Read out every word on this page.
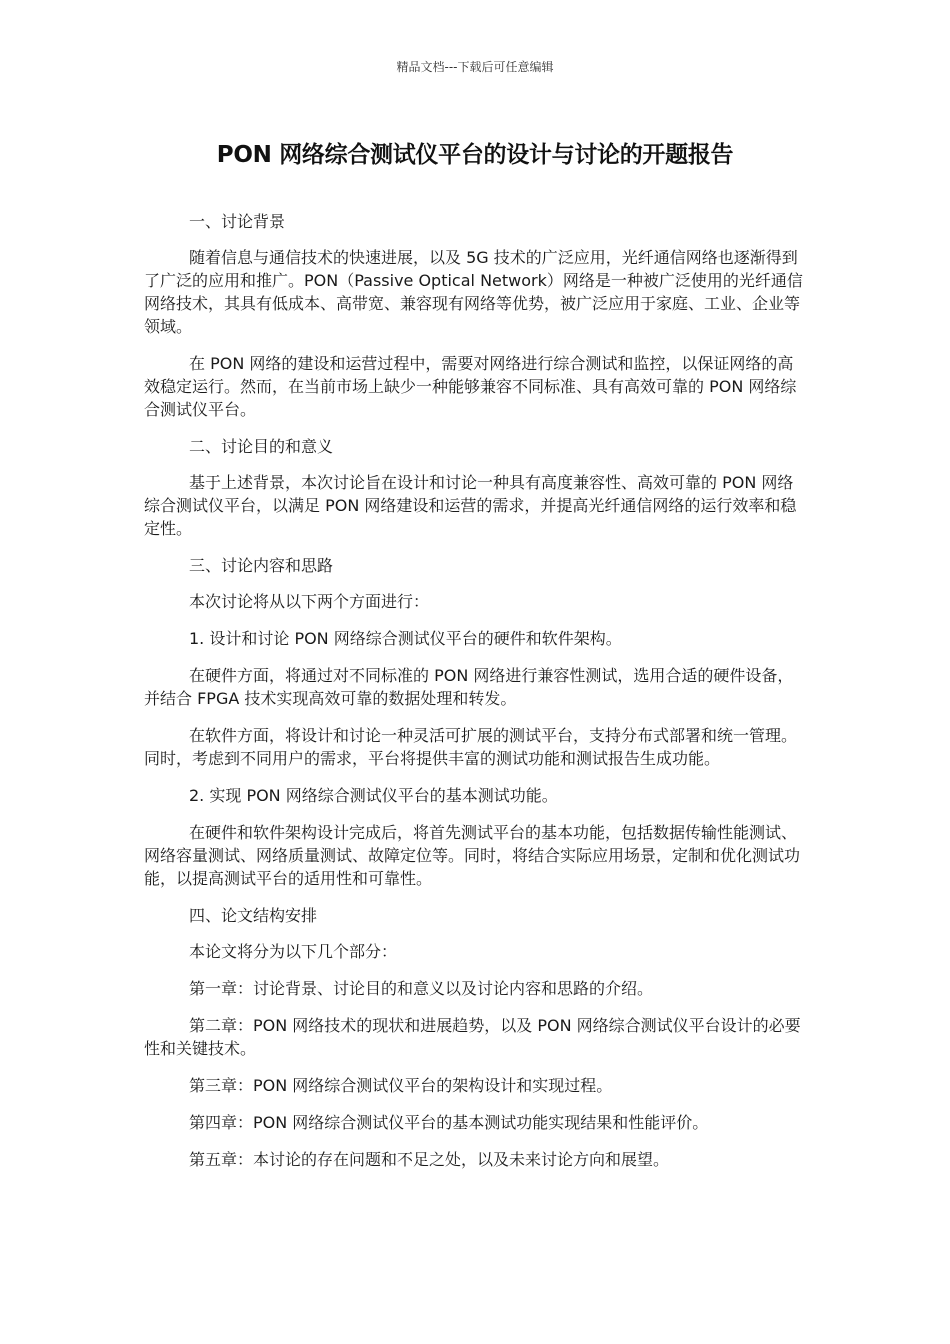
精品文档---下载后可任意编辑
PON 网络综合测试仪平台的设计与讨论的开题报告

一、讨论背景

随着信息与通信技术的快速进展，以及 5G 技术的广泛应用，光纤通信网络也逐渐得到了广泛的应用和推广。PON（Passive Optical Network）网络是一种被广泛使用的光纤通信网络技术，其具有低成本、高带宽、兼容现有网络等优势，被广泛应用于家庭、工业、企业等领域。

在 PON 网络的建设和运营过程中，需要对网络进行综合测试和监控，以保证网络的高效稳定运行。然而，在当前市场上缺少一种能够兼容不同标准、具有高效可靠的 PON 网络综合测试仪平台。

二、讨论目的和意义

基于上述背景，本次讨论旨在设计和讨论一种具有高度兼容性、高效可靠的 PON 网络综合测试仪平台，以满足 PON 网络建设和运营的需求，并提高光纤通信网络的运行效率和稳定性。

三、讨论内容和思路

本次讨论将从以下两个方面进行：

1. 设计和讨论 PON 网络综合测试仪平台的硬件和软件架构。

在硬件方面，将通过对不同标准的 PON 网络进行兼容性测试，选用合适的硬件设备，并结合 FPGA 技术实现高效可靠的数据处理和转发。

在软件方面，将设计和讨论一种灵活可扩展的测试平台，支持分布式部署和统一管理。同时，考虑到不同用户的需求，平台将提供丰富的测试功能和测试报告生成功能。

2. 实现 PON 网络综合测试仪平台的基本测试功能。

在硬件和软件架构设计完成后，将首先测试平台的基本功能，包括数据传输性能测试、网络容量测试、网络质量测试、故障定位等。同时，将结合实际应用场景，定制和优化测试功能，以提高测试平台的适用性和可靠性。

四、论文结构安排

本论文将分为以下几个部分：

第一章：讨论背景、讨论目的和意义以及讨论内容和思路的介绍。

第二章：PON 网络技术的现状和进展趋势，以及 PON 网络综合测试仪平台设计的必要性和关键技术。

第三章：PON 网络综合测试仪平台的架构设计和实现过程。

第四章：PON 网络综合测试仪平台的基本测试功能实现结果和性能评价。

第五章：本讨论的存在问题和不足之处，以及未来讨论方向和展望。
